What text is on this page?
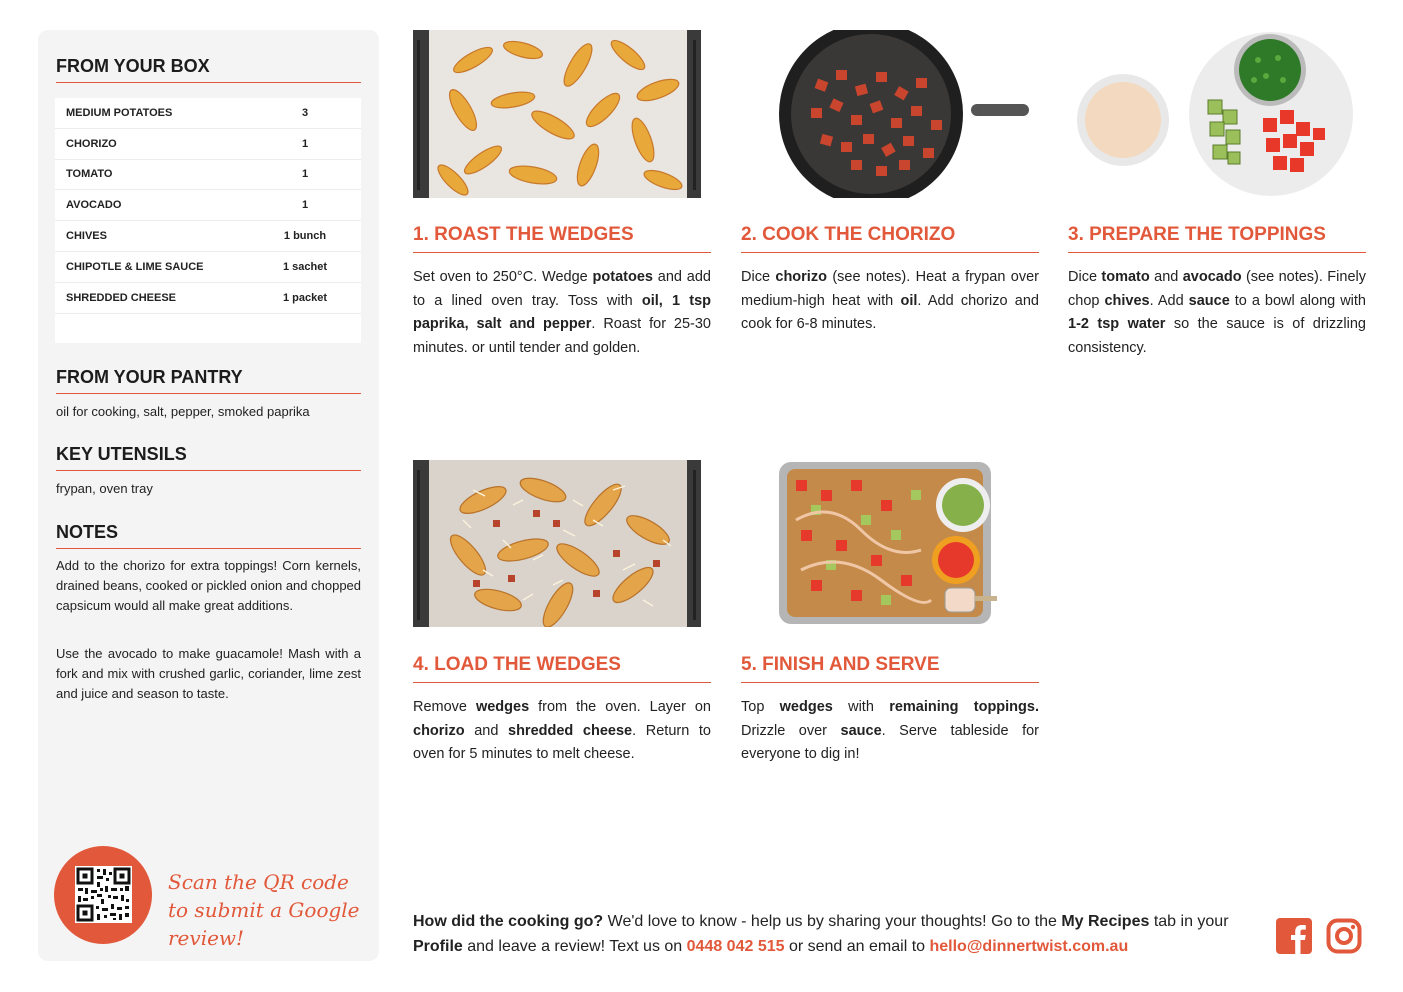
FROM YOUR BOX
MEDIUM POTATOES	3
CHORIZO	1
TOMATO	1
AVOCADO	1
CHIVES	1 bunch
CHIPOTLE & LIME SAUCE	1 sachet
SHREDDED CHEESE	1 packet
FROM YOUR PANTRY
oil for cooking, salt, pepper, smoked paprika
KEY UTENSILS
frypan, oven tray
NOTES
Add to the chorizo for extra toppings! Corn kernels, drained beans, cooked or pickled onion and chopped capsicum would all make great additions.
Use the avocado to make guacamole! Mash with a fork and mix with crushed garlic, coriander, lime zest and juice and season to taste.
Scan the QR code to submit a Google review!
1. ROAST THE WEDGES
Set oven to 250°C. Wedge potatoes and add to a lined oven tray. Toss with oil, 1 tsp paprika, salt and pepper. Roast for 25-30 minutes. or until tender and golden.
2. COOK THE CHORIZO
Dice chorizo (see notes). Heat a frypan over medium-high heat with oil. Add chorizo and cook for 6-8 minutes.
3. PREPARE THE TOPPINGS
Dice tomato and avocado (see notes). Finely chop chives. Add sauce to a bowl along with 1-2 tsp water so the sauce is of drizzling consistency.
4. LOAD THE WEDGES
Remove wedges from the oven. Layer on chorizo and shredded cheese. Return to oven for 5 minutes to melt cheese.
5. FINISH AND SERVE
Top wedges with remaining toppings. Drizzle over sauce. Serve tableside for everyone to dig in!
How did the cooking go? We'd love to know - help us by sharing your thoughts! Go to the My Recipes tab in your Profile and leave a review! Text us on 0448 042 515 or send an email to hello@dinnertwist.com.au
